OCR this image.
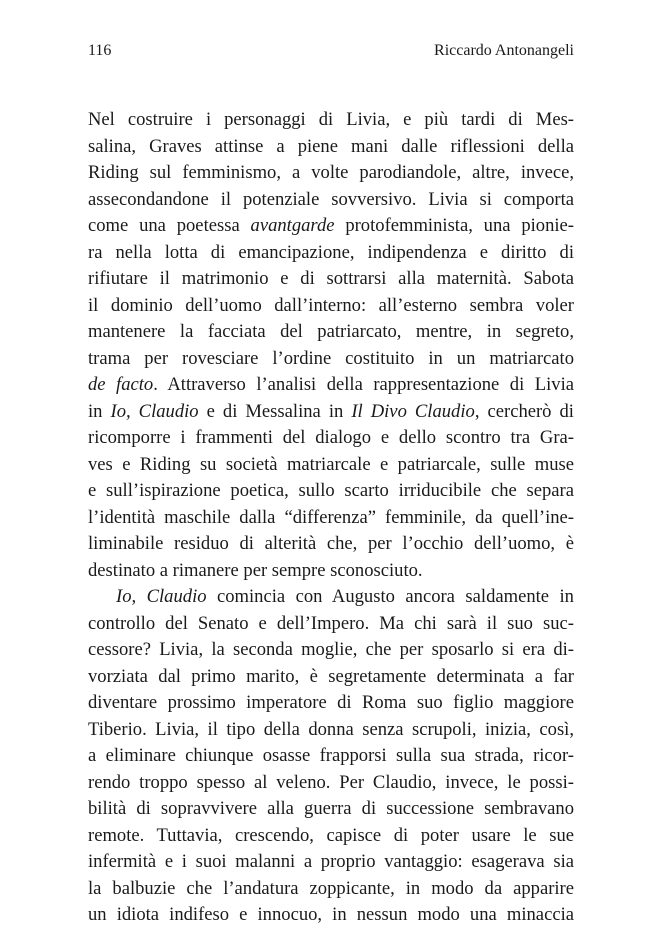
116	Riccardo Antonangeli
Nel costruire i personaggi di Livia, e più tardi di Mes-
salina, Graves attinse a piene mani dalle riflessioni della
Riding sul femminismo, a volte parodiandole, altre, invece,
assecondandone il potenziale sovversivo. Livia si comporta
come una poetessa avantgarde protofemminista, una pionie-
ra nella lotta di emancipazione, indipendenza e diritto di
rifiutare il matrimonio e di sottrarsi alla maternità. Sabota
il dominio dell’uomo dall’interno: all’esterno sembra voler
mantenere la facciata del patriarcato, mentre, in segreto,
trama per rovesciare l’ordine costituito in un matriarcato
de facto. Attraverso l’analisi della rappresentazione di Livia
in Io, Claudio e di Messalina in Il Divo Claudio, cercherò di
ricomporre i frammenti del dialogo e dello scontro tra Gra-
ves e Riding su società matriarcale e patriarcale, sulle muse
e sull’ispirazione poetica, sullo scarto irriducibile che separa
l’identità maschile dalla “differenza” femminile, da quell’ine-
liminabile residuo di alterità che, per l’occhio dell’uomo, è
destinato a rimanere per sempre sconosciuto.
Io, Claudio comincia con Augusto ancora saldamente in
controllo del Senato e dell’Impero. Ma chi sarà il suo suc-
cessore? Livia, la seconda moglie, che per sposarlo si era di-
vorziata dal primo marito, è segretamente determinata a far
diventare prossimo imperatore di Roma suo figlio maggiore
Tiberio. Livia, il tipo della donna senza scrupoli, inizia, così,
a eliminare chiunque osasse frapporsi sulla sua strada, ricor-
rendo troppo spesso al veleno. Per Claudio, invece, le possi-
bilità di sopravvivere alla guerra di successione sembravano
remote. Tuttavia, crescendo, capisce di poter usare le sue
infermità e i suoi malanni a proprio vantaggio: esagerava sia
la balbuzie che l’andatura zoppicante, in modo da apparire
un idiota indifeso e innocuo, in nessun modo una minaccia
